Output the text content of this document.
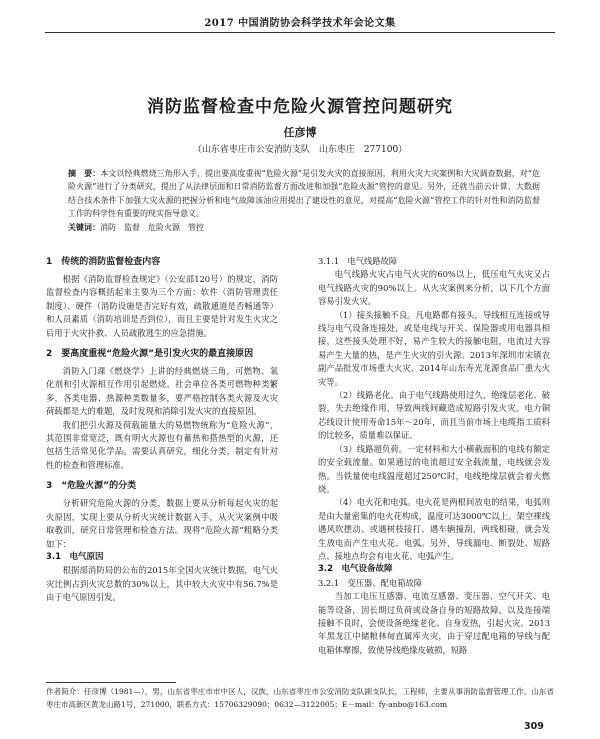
2017 中国消防协会科学技术年会论文集
消防监督检查中危险火源管控问题研究
任彦博
（山东省枣庄市公安消防支队　山东枣庄　277100）
摘　要：本文以经典燃烧三角形入手，提出要高度重视“危险火源”是引发火灾的直接原因，利用火灾大灾案例和大灾调查数据，对“危险火源”进行了分类研究，提出了从法律层面和日常消防监督方面改进和加强“危险火源”管控的意见。另外，还就当前云计算、大数据结合技术条件下加强大灾火源的把握分析和电气故障该油应用提出了建设性的意见，对提高“危险火源”管控工作的针对性和消防监督工作的科学性有重要的现实指导意义。
关键词：消防　监督　危险火源　管控
1　传统的消防监督检查内容

根据《消防监督检查规定》（公安部120号）的规定，消防监督检查内容概括起来主要为三个方面：软件（消防管理责任制度）、硬件（消防设施是否完好有效，疏散通道是否畅通等）和人员素质（消防培训是否到位），而且主要是针对发生火灾之后用于火灾扑救、人员疏散逃生的应急措施。

2　要高度重视“危险火源”是引发火灾的最直接原因

消防入门课《燃烧学》上讲的经典燃烧三角，可燃物、氧化剂和引火源相互作用引起燃烧。社会单位各类可燃物种类繁多，各类电器、热源种类数量多，要严格控制各类火源及火灾荷载都是大的难题，及时发现和消除引发火灾的直接原因。

我们把引火源及荷载能量大的易燃物统称为“危险火源”，其范围非常宽泛，既有明火火源也有蓄热和搭热型的火源，还包括生活常见化学品。需要认真研究，细化分类，制定有针对性的检查和管理标准。

3　“危险火源”的分类

分析研究危险火源的分类，数据上要从分析每起火灾的起火原因，实现上要从分析火灾统计数据入手，从火灾案例中吸取教训，研究日常管理和检查方法。现将“危险火源”粗略分类如下：

3.1　电气原因

根据部消防局的公布的2015年全国火灾统计数据，电气火灾比例占到火灾总数的30%以上，其中较大火灾中有56.7%是由于电气原因引发。

3.1.1　电气线路故障

电气线路火灾占电气火灾的60%以上，低压电气火灾又占电气线路火灾的90%以上。从火灾案例来分析，以下几个方面容易引发火灾。

（1）接头接触不良。凡电路都有接头，导线相互连接或导线与电气设备连接处，或是电线与开关、保险器或用电器具相接，这些接头处理不好，易产生较大的接触电阻，电流过大容易产生大量的热，是产生火灾的引火源。2013年深圳市宋镇农副产品批发市场重大火灾、2014年山东寿光龙源食品厂重大火灾等。

（2）线路老化。由于电气线路使用过久，绝缘层老化、破裂，失去绝缘作用，导致两线间藏造成短路引发火灾。电力铜芯线设计使用寿命15年～20年，而且当前市场上电缆指工质料的比较多，质量难以保证。

（3）线路超负荷。一定材料和大小横截面积的电线有额定的安全载流量。如果通过的电流超过安全载流量，电线就会发热。当铁量使电线温度超过250℃时，电线绝缘层就会着火燃烧。

（4）电火花和电弧。电火花是两根间放电的结果，电弧则是由大量密集的电火花构成，温度可达3000℃以上。架空裸线遇风吹摆动、或遇树枝接打、遇车辆撞刮，两线相碰，就会发生放电而产生电火花、电弧。另外，导线漏电、断裂处、短路点、接地点均会有电火花、电弧产生。

3.2　电气设备故障
3.2.1　变压器、配电箱故障

当加工电压互感器、电流互感器、变压器、空气开关、电能等设备，因长期过负荷或设备自身的短路故障，以及连接端接触不良时，会使设备绝缘老化、自身发热，引起火灾。2013年黑龙江中储粮林甸直属库火灾，由于穿过配电箱的导线与配电箱体摩擦，致使导线绝缘皮破损，短路

作者简介：任彦博（1981—），男，山东省枣庄市市中区人，汉族，山东省枣庄市公安消防支队副支队长，工程师，主要从事消防监督管理工作。山东省枣庄市高新区黄龙山路1号，271000，联系方式：15706329090；0632—3122005；E－mail：fy-anbo@163.com
309
